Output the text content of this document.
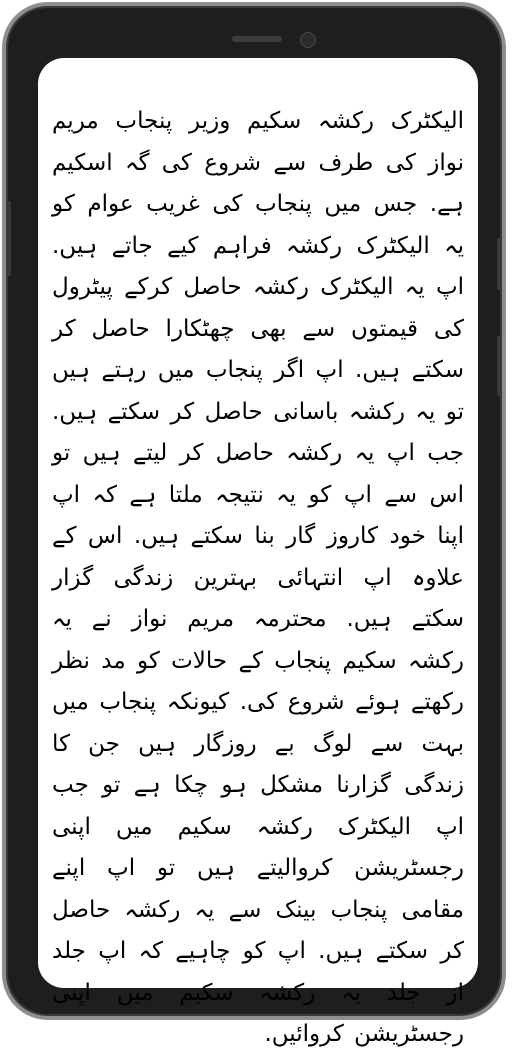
الیکٹرک رکشہ سکیم وزیر پنجاب مریم نواز کی طرف سے شروع کی گہ اسکیم ہے. جس میں پنجاب کی غریب عوام کو یہ الیکٹرک رکشہ فراہم کیے جاتے ہیں. اپ یہ الیکٹرک رکشہ حاصل کرکے پیٹرول کی قیمتوں سے بھی چھٹکارا حاصل کر سکتے ہیں. اپ اگر پنجاب میں رہتے ہیں تو یہ رکشہ باسانی حاصل کر سکتے ہیں. جب اپ یہ رکشہ حاصل کر لیتے ہیں تو اس سے اپ کو یہ نتیجہ ملتا ہے کہ اپ اپنا خود کاروز گار بنا سکتے ہیں. اس کے علاوہ اپ انتہائی بہترین زندگی گزار سکتے ہیں. محترمہ مریم نواز نے یہ رکشہ سکیم پنجاب کے حالات کو مد نظر رکھتے ہوئے شروع کی. کیونکہ پنجاب میں بہت سے لوگ بے روزگار ہیں جن کا زندگی گزارنا مشکل ہو چکا ہے تو جب اپ الیکٹرک رکشہ سکیم میں اپنی رجسٹریشن کروالیتے ہیں تو اپ اپنے مقامی پنجاب بینک سے یہ رکشہ حاصل کر سکتے ہیں. اپ کو چاہیے کہ اپ جلد از جلد یہ رکشہ سکیم میں اپنی رجسٹریشن کروائیں.
